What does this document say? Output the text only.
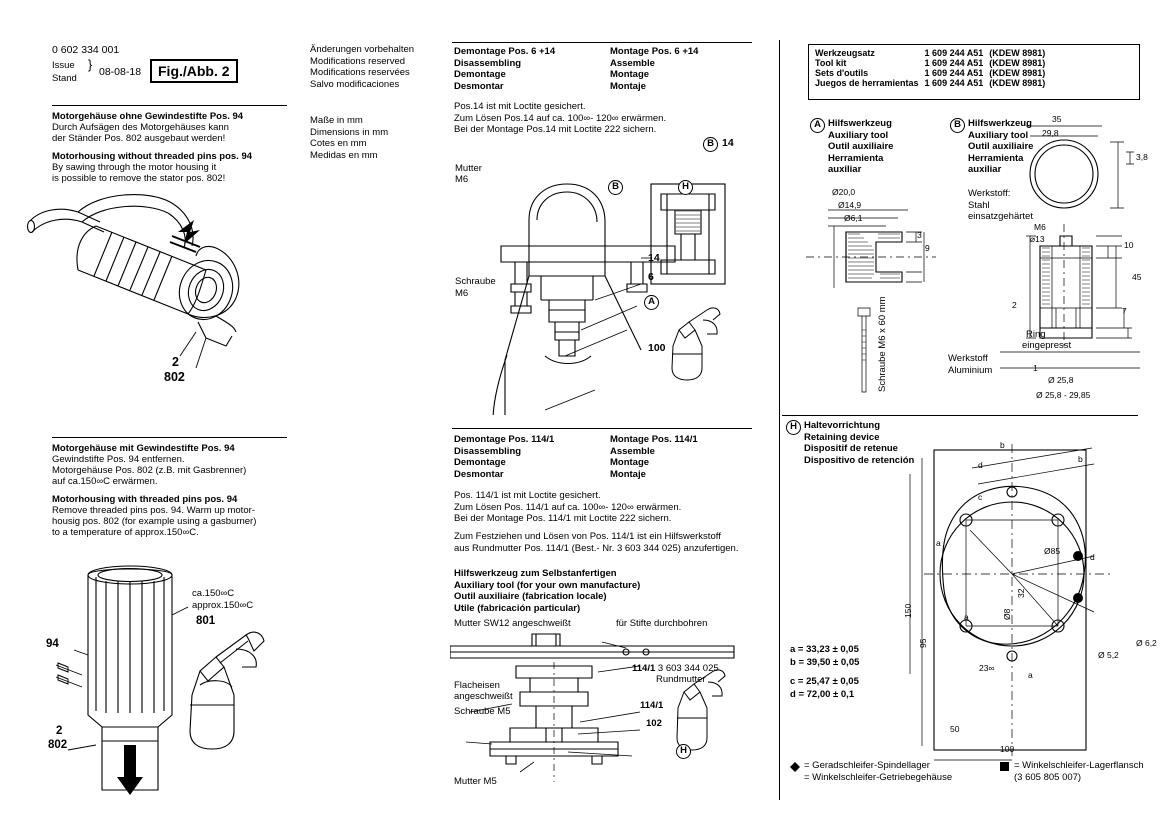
0 602 334 001
Issue
Stand
} 08-08-18	Fig./Abb. 2
Änderungen vorbehalten
Modifications reserved
Modifications reservées
Salvo modificaciones
Maße in mm
Dimensions in mm
Cotes en mm
Medidas en mm
Motorgehäuse ohne Gewindestifte Pos. 94
Durch Aufsägen des Motorgehäuses kann
der Ständer Pos. 802 ausgebaut werden!
Motorhousing without threaded pins pos. 94
By sawing through the motor housing it
is possible to remove the stator pos. 802!
2
802
Motorgehäuse mit Gewindestifte Pos. 94
Gewindstifte Pos. 94 entfernen.
Motorgehäuse Pos. 802 (z.B. mit Gasbrenner)
auf ca.150∞C erwärmen.
Motorhousing with threaded pins pos. 94
Remove threaded pins pos. 94. Warm up motor-
housig pos. 802 (for example using a gasburner)
to a temperature of approx.150∞C.
ca.150∞C
approx.150∞C
801
94
2
802
Demontage Pos. 6 +14
Disassembling
Demontage
Desmontar
Montage Pos. 6 +14
Assemble
Montage
Montaje
Pos.14 ist mit Loctite gesichert.
Zum Lösen Pos.14 auf ca. 100∞- 120∞ erwärmen.
Bei der Montage Pos.14 mit Loctite 222 sichern.
Mutter
M6
Schraube
M6
14
6
100
B	H
B 14
A
Demontage Pos. 114/1
Disassembling
Demontage
Desmontar
Montage Pos. 114/1
Assemble
Montage
Montaje
Pos. 114/1 ist mit Loctite gesichert.
Zum Lösen Pos. 114/1 auf ca. 100∞- 120∞ erwärmen.
Bei der Montage Pos. 114/1 mit Loctite 222 sichern.
Zum Festziehen und Lösen von Pos. 114/1 ist ein Hilfswerkstoff
aus Rundmutter Pos. 114/1 (Best.- Nr. 3 603 344 025) anzufertigen.
Hilfswerkzeug zum Selbstanfertigen
Auxiliary tool (for your own manufacture)
Outil auxiliaire (fabrication locale)
Utile (fabricación particular)
Mutter SW12 angeschweißt	für Stifte durchbohren
Flacheisen
angeschweißt
114/1 3 603 344 025
Rundmutter
114/1
102
Schraube M5
Mutter M5
H
Werkzeugsatz	1 609 244 A51	(KDEW 8981)
Tool kit	1 609 244 A51	(KDEW 8981)
Sets d'outils	1 609 244 A51	(KDEW 8981)
Juegos de herramientas	1 609 244 A51	(KDEW 8981)
A Hilfswerkzeug
Auxiliary tool
Outil auxiliaire
Herramienta
auxiliar
Ø20,0
Ø14,9
Ø6,1
3
9
Schraube M6 x 60 mm
B Hilfswerkzeug
Auxiliary tool
Outil auxiliaire
Herramienta
auxiliar
Werkstoff:
Stahl
einsatzgehärtet
35
29,8
3,8
M6
⌀13
10
45
7
2
Ring
eingepresst
Werkstoff
Aluminium	1
Ø 25,8
Ø 25,8 - 29,85
H Haltevorrichtung
Retaining device
Dispositif de retenue
Dispositivo de retención
b
b
d
c
a
a
a
d
Ø85
32
Ø8
150
95
23∞
Ø 5,2
Ø 6,2
50
100
a = 33,23 ± 0,05
b = 39,50 ± 0,05
c = 25,47 ± 0,05
d = 72,00 ± 0,1
= Geradschleifer-Spindellager
= Winkelschleifer-Getriebegehäuse
= Winkelschleifer-Lagerflansch
(3 605 805 007)
